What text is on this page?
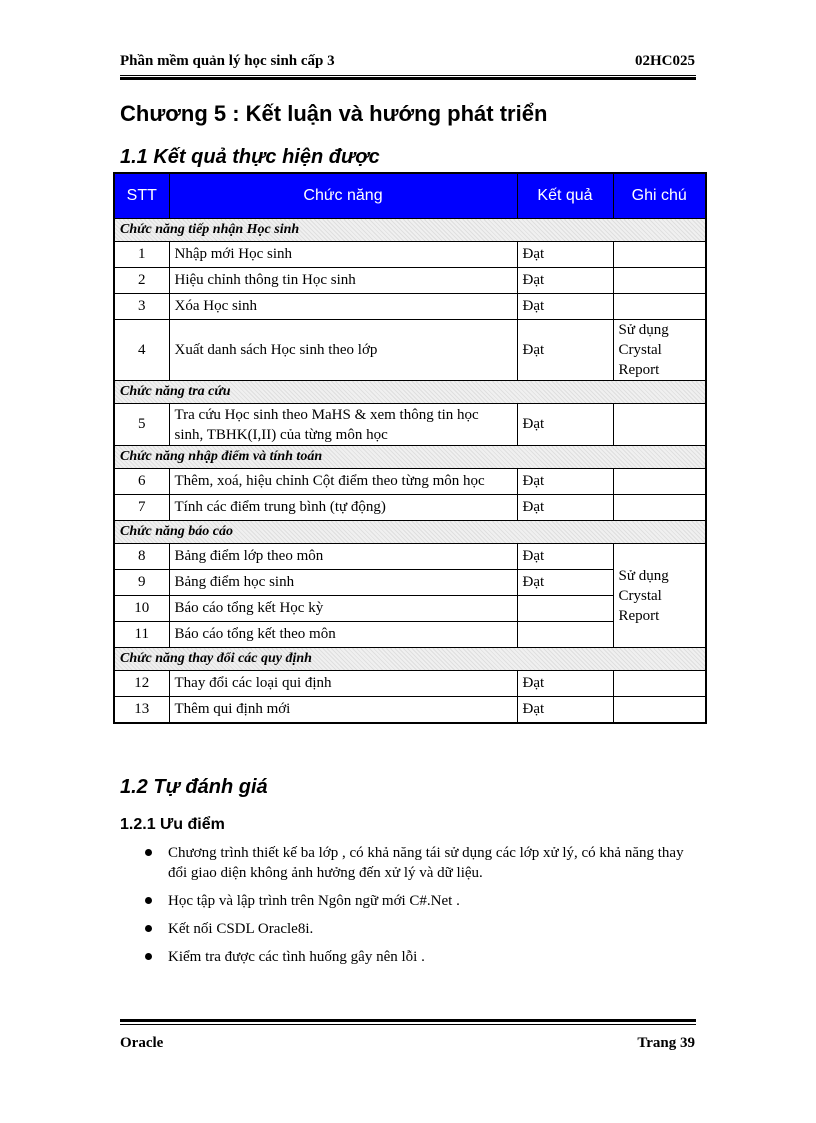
Phần mềm quản lý học sinh cấp 3	02HC025
Chương 5 : Kết luận và hướng phát triển
1.1 Kết quả thực hiện được
STT	Chức năng	Kết quả	Ghi chú
Chức năng tiếp nhận Học sinh			
1	Nhập mới Học sinh	Đạt	
2	Hiệu chỉnh thông tin Học sinh	Đạt	
3	Xóa Học sinh	Đạt	
4	Xuất danh sách Học sinh theo lớp	Đạt	Sử dụng
Crystal
Report

Chức năng tra cứu			
5	Tra cứu Học sinh theo MaHS & xem thông tin học
sinh, TBHK(I,II) của từng môn học	Đạt	
Chức năng nhập điểm và tính toán			
6	Thêm, xoá, hiệu chỉnh Cột điểm theo từng môn học	Đạt	
7	Tính các điểm trung bình (tự động)	Đạt	
Chức năng báo cáo			
8	Bảng điểm lớp theo môn	Đạt	Sử dụng
Crystal
Report

9	Bảng điểm học sinh	Đạt	
10	Báo cáo tổng kết Học kỳ		
11	Báo cáo tổng kết theo môn		
Chức năng thay đổi các quy định			
12	Thay đổi các loại qui định	Đạt	
13	Thêm qui định mới	Đạt	
1.2 Tự đánh giá
1.2.1 Ưu điểm
Chương trình thiết kế ba lớp , có khả năng tái sử dụng các lớp xử lý, có khả năng thay đổi giao diện không ảnh hưởng đến xử lý và dữ liệu.
Học tập và lập trình trên Ngôn ngữ mới C#.Net .
Kết nối CSDL Oracle8i.
Kiểm tra được các tình huống gây nên lỗi .
Oracle	Trang 39
